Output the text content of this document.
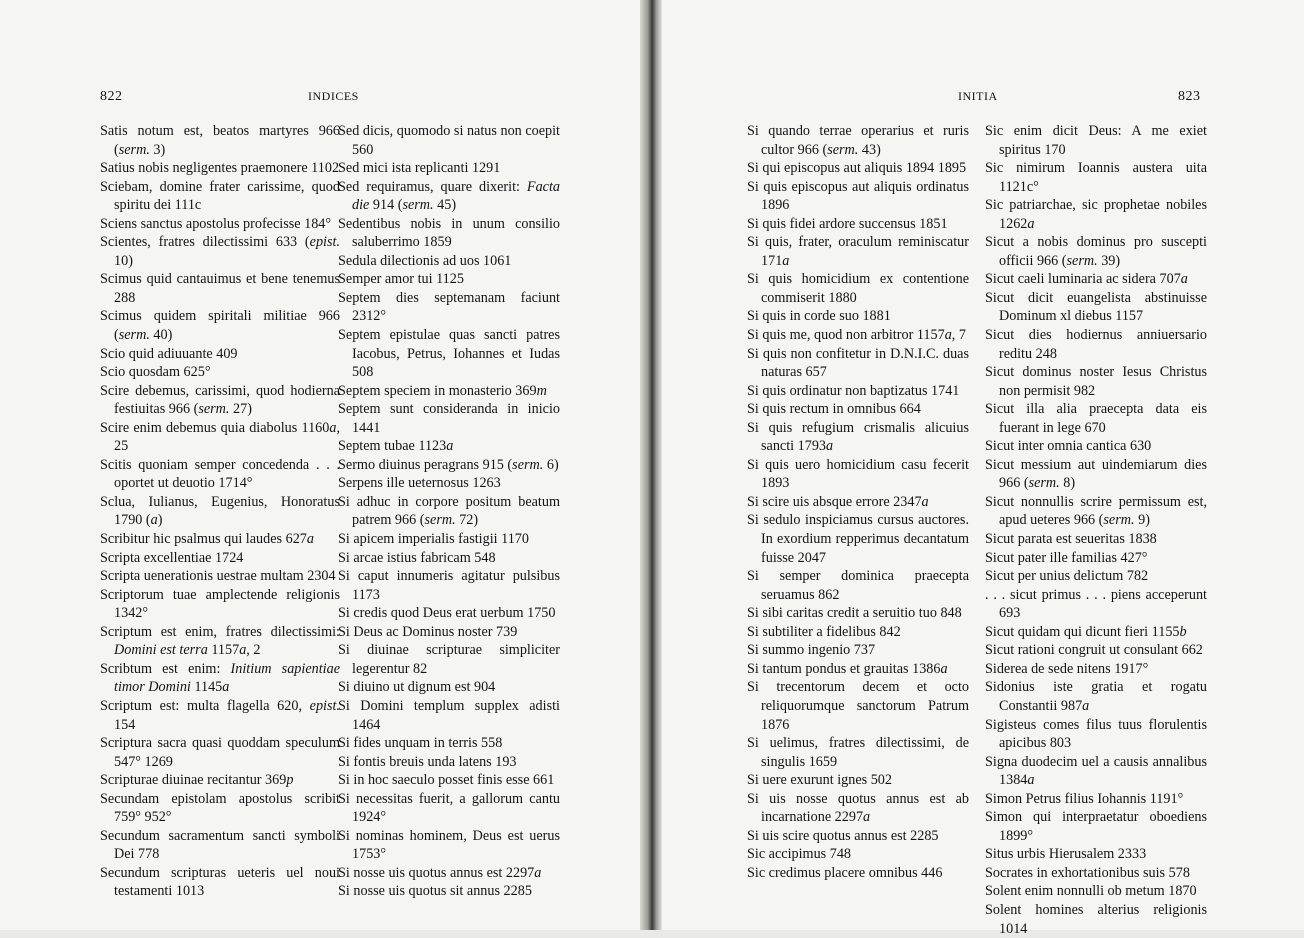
822	INDICES	INITIA	823
Satis notum est, beatos martyres 966 (serm. 3)
Satius nobis negligentes praemonere 1102
Sciebam, domine frater carissime, quod spiritu dei 111c
Sciens sanctus apostolus profecisse 184°
Scientes, fratres dilectissimi 633 (epist. 10)
Scimus quid cantauimus et bene tenemus 288
Scimus quidem spiritali militiae 966 (serm. 40)
Scio quid adiuuante 409
Scio quosdam 625°
Scire debemus, carissimi, quod hodierna festiuitas 966 (serm. 27)
Scire enim debemus quia diabolus 1160a, 25
Scitis quoniam semper concedenda . . . oportet ut deuotio 1714°
Sclua, Iulianus, Eugenius, Honoratus 1790 (a)
Scribitur hic psalmus qui laudes 627a
Scripta excellentiae 1724
Scripta uenerationis uestrae multam 2304
Scriptorum tuae amplectende religionis 1342°
Scriptum est enim, fratres dilectissimi: Domini est terra 1157a, 2
Scribtum est enim: Initium sapientiae timor Domini 1145a
Scriptum est: multa flagella 620, epist. 154
Scriptura sacra quasi quoddam speculum 547° 1269
Scripturae diuinae recitantur 369p
Secundam epistolam apostolus scribit 759° 952°
Secundum sacramentum sancti symboli Dei 778
Secundum scripturas ueteris uel noui testamenti 1013
Sed dicis, quomodo si natus non coepit 560
Sed mici ista replicanti 1291
Sed requiramus, quare dixerit: Facta die 914 (serm. 45)
Sedentibus nobis in unum consilio saluberrimo 1859
Sedula dilectionis ad uos 1061
Semper amor tui 1125
Septem dies septemanam faciunt 2312°
Septem epistulae quas sancti patres Iacobus, Petrus, Iohannes et Iudas 508
Septem speciem in monasterio 369m
Septem sunt consideranda in inicio 1441
Septem tubae 1123a
Sermo diuinus peragrans 915 (serm. 6)
Serpens ille ueternosus 1263
Si adhuc in corpore positum beatum patrem 966 (serm. 72)
Si apicem imperialis fastigii 1170
Si arcae istius fabricam 548
Si caput innumeris agitatur pulsibus 1173
Si credis quod Deus erat uerbum 1750
Si Deus ac Dominus noster 739
Si diuinae scripturae simpliciter legerentur 82
Si diuino ut dignum est 904
Si Domini templum supplex adisti 1464
Si fides unquam in terris 558
Si fontis breuis unda latens 193
Si in hoc saeculo posset finis esse 661
Si necessitas fuerit, a gallorum cantu 1924°
Si nominas hominem, Deus est uerus 1753°
Si nosse uis quotus annus est 2297a
Si nosse uis quotus sit annus 2285
Si quando terrae operarius et ruris cultor 966 (serm. 43)
Si qui episcopus aut aliquis 1894 1895
Si quis episcopus aut aliquis ordinatus 1896
Si quis fidei ardore succensus 1851
Si quis, frater, oraculum reminiscatur 171a
Si quis homicidium ex contentione commiserit 1880
Si quis in corde suo 1881
Si quis me, quod non arbitror 1157a, 7
Si quis non confitetur in D.N.I.C. duas naturas 657
Si quis ordinatur non baptizatus 1741
Si quis rectum in omnibus 664
Si quis refugium crismalis alicuius sancti 1793a
Si quis uero homicidium casu fecerit 1893
Si scire uis absque errore 2347a
Si sedulo inspiciamus cursus auctores. In exordium repperimus decantatum fuisse 2047
Si semper dominica praecepta seruamus 862
Si sibi caritas credit a seruitio tuo 848
Si subtiliter a fidelibus 842
Si summo ingenio 737
Si tantum pondus et grauitas 1386a
Si trecentorum decem et octo reliquorumque sanctorum Patrum 1876
Si uelimus, fratres dilectissimi, de singulis 1659
Si uere exurunt ignes 502
Si uis nosse quotus annus est ab incarnatione 2297a
Si uis scire quotus annus est 2285
Sic accipimus 748
Sic credimus placere omnibus 446
Sic enim dicit Deus: A me exiet spiritus 170
Sic nimirum Ioannis austera uita 1121c°
Sic patriarchae, sic prophetae nobiles 1262a
Sicut a nobis dominus pro suscepti officii 966 (serm. 39)
Sicut caeli luminaria ac sidera 707a
Sicut dicit euangelista abstinuisse Dominum xl diebus 1157
Sicut dies hodiernus anniuersario reditu 248
Sicut dominus noster Iesus Christus non permisit 982
Sicut illa alia praecepta data eis fuerant in lege 670
Sicut inter omnia cantica 630
Sicut messium aut uindemiarum dies 966 (serm. 8)
Sicut nonnullis scrire permissum est, apud ueteres 966 (serm. 9)
Sicut parata est seueritas 1838
Sicut pater ille familias 427°
Sicut per unius delictum 782
. . . sicut primus . . . piens acceperunt 693
Sicut quidam qui dicunt fieri 1155b
Sicut rationi congruit ut consulant 662
Siderea de sede nitens 1917°
Sidonius iste gratia et rogatu Constantii 987a
Sigisteus comes filus tuus florulentis apicibus 803
Signa duodecim uel a causis annalibus 1384a
Simon Petrus filius Iohannis 1191°
Simon qui interpraetatur oboediens 1899°
Situs urbis Hierusalem 2333
Socrates in exhortationibus suis 578
Solent enim nonnulli ob metum 1870
Solent homines alterius religionis 1014
